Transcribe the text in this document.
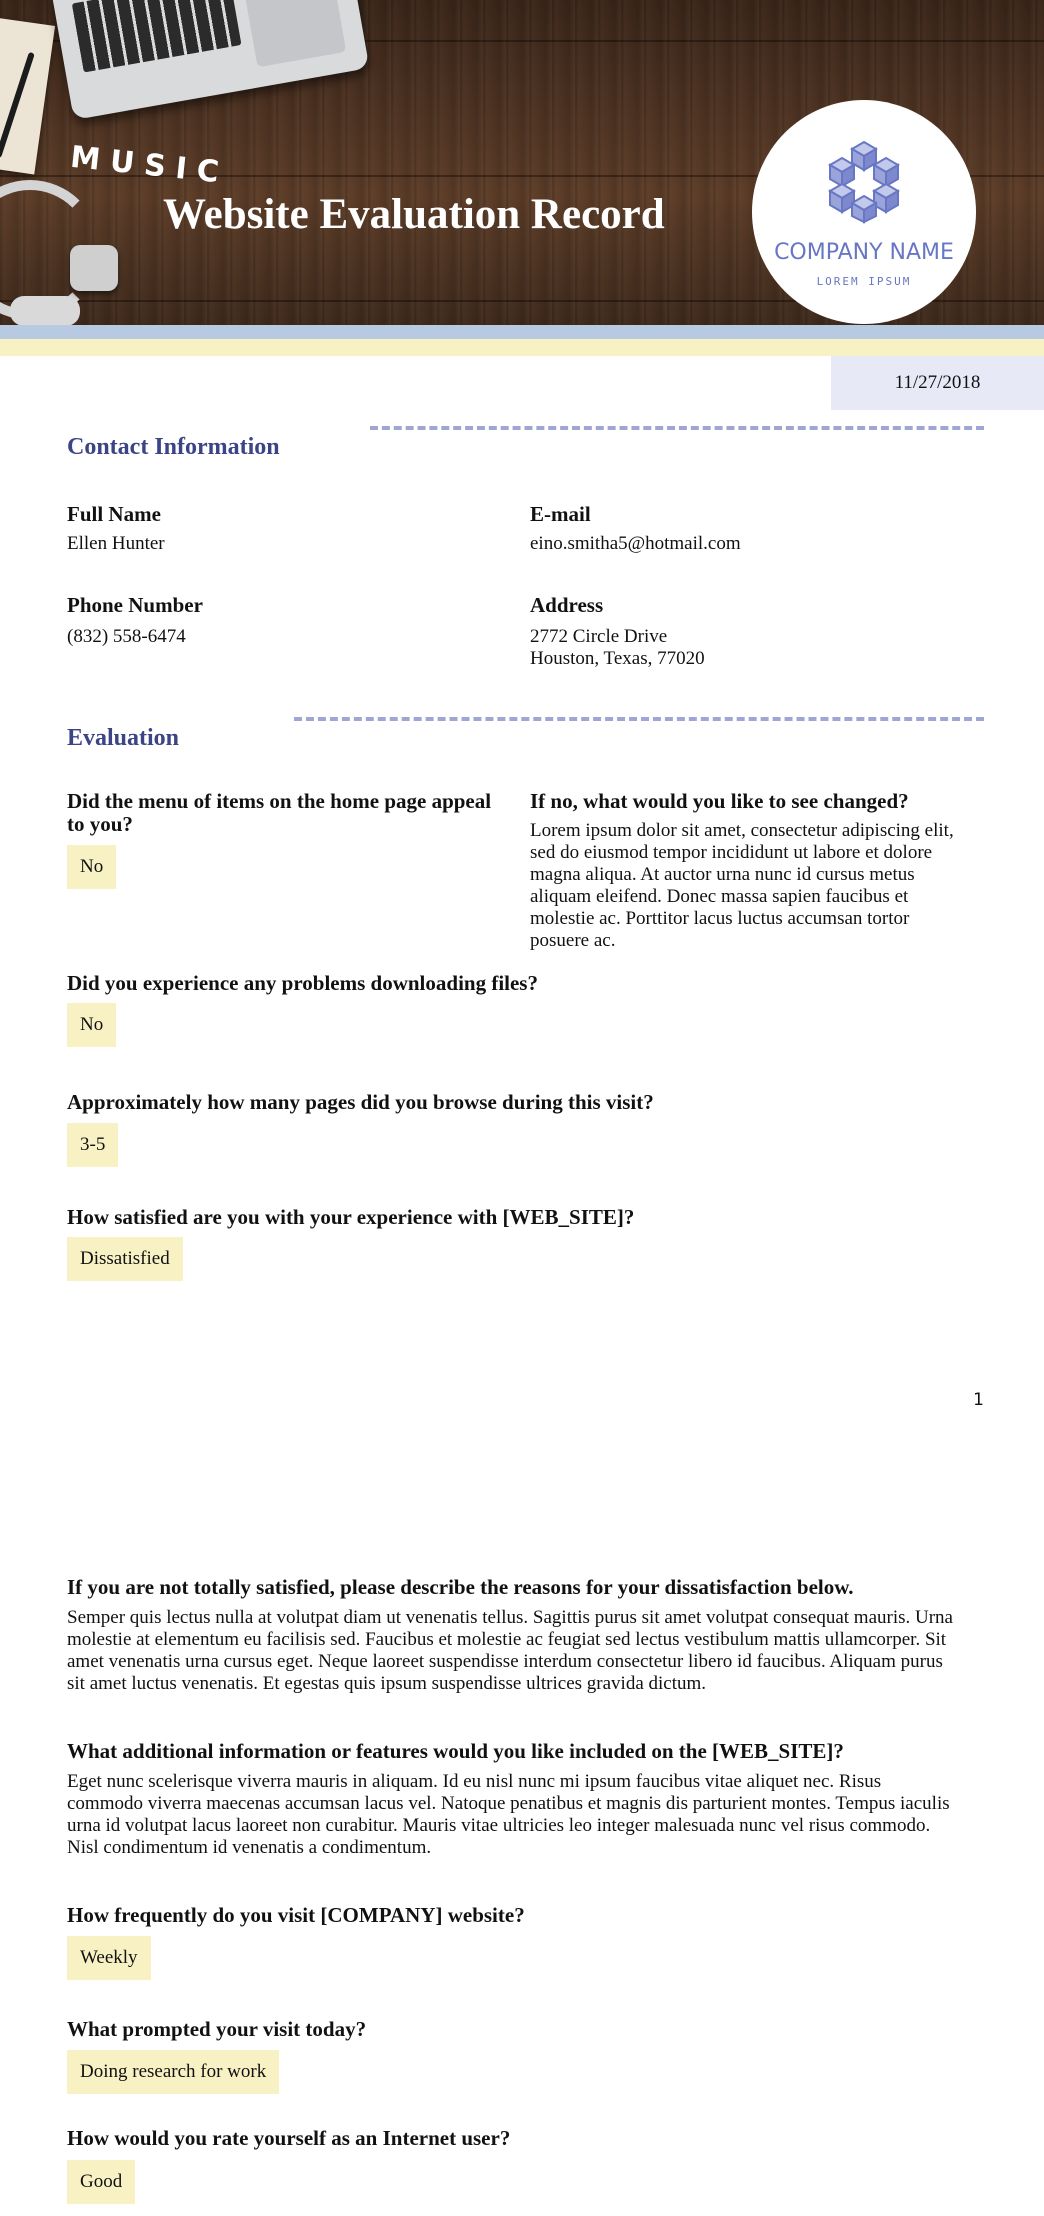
MUSIC
Website Evaluation Record
COMPANY NAME
LOREM IPSUM
11/27/2018
Contact Information
Full Name
Ellen Hunter
E-mail
eino.smitha5@hotmail.com
Phone Number
(832) 558-6474
Address
2772 Circle Drive
Houston, Texas, 77020
Evaluation
Did the menu of items on the home page appeal
to you?
No
If no, what would you like to see changed?
Lorem ipsum dolor sit amet, consectetur adipiscing elit,
sed do eiusmod tempor incididunt ut labore et dolore
magna aliqua. At auctor urna nunc id cursus metus
aliquam eleifend. Donec massa sapien faucibus et
molestie ac. Porttitor lacus luctus accumsan tortor
posuere ac.
Did you experience any problems downloading files?
No
Approximately how many pages did you browse during this visit?
3-5
How satisfied are you with your experience with [WEB_SITE]?
Dissatisfied
1
If you are not totally satisfied, please describe the reasons for your dissatisfaction below.
Semper quis lectus nulla at volutpat diam ut venenatis tellus. Sagittis purus sit amet volutpat consequat mauris. Urna
molestie at elementum eu facilisis sed. Faucibus et molestie ac feugiat sed lectus vestibulum mattis ullamcorper. Sit
amet venenatis urna cursus eget. Neque laoreet suspendisse interdum consectetur libero id faucibus. Aliquam purus
sit amet luctus venenatis. Et egestas quis ipsum suspendisse ultrices gravida dictum.
What additional information or features would you like included on the [WEB_SITE]?
Eget nunc scelerisque viverra mauris in aliquam. Id eu nisl nunc mi ipsum faucibus vitae aliquet nec. Risus
commodo viverra maecenas accumsan lacus vel. Natoque penatibus et magnis dis parturient montes. Tempus iaculis
urna id volutpat lacus laoreet non curabitur. Mauris vitae ultricies leo integer malesuada nunc vel risus commodo.
Nisl condimentum id venenatis a condimentum.
How frequently do you visit [COMPANY] website?
Weekly
What prompted your visit today?
Doing research for work
How would you rate yourself as an Internet user?
Good
